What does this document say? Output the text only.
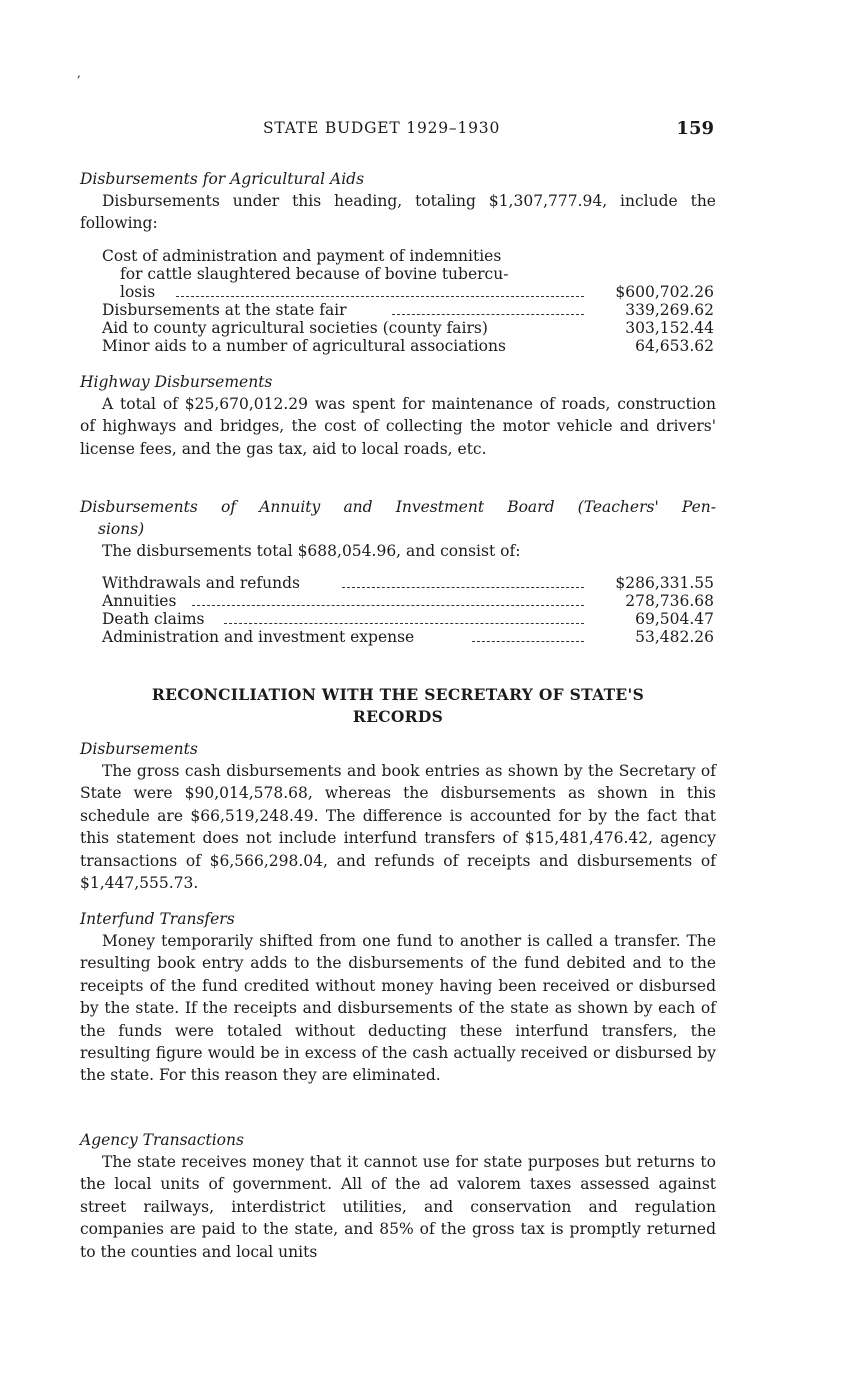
,
STATE BUDGET 1929–1930	159
Disbursements for Agricultural Aids

Disbursements under this heading, totaling $1,307,777.94, include the following:

Cost of administration and payment of indemnities
for cattle slaughtered because of bovine tubercu-
losis	$600,702.26
Disbursements at the state fair	339,269.62
Aid to county agricultural societies (county fairs)	303,152.44
Minor aids to a number of agricultural associations	64,653.62
Highway Disbursements

A total of $25,670,012.29 was spent for maintenance of roads, construction of highways and bridges, the cost of collecting the motor vehicle and drivers' license fees, and the gas tax, aid to local roads, etc.

Disbursements of Annuity and Investment Board (Teachers' Pen-
sions)

The disbursements total $688,054.96, and consist of:

Withdrawals and refunds	$286,331.55
Annuities	278,736.68
Death claims	69,504.47
Administration and investment expense	53,482.26
RECONCILIATION WITH THE SECRETARY OF STATE'S
RECORDS
Disbursements

The gross cash disbursements and book entries as shown by the Secretary of State were $90,014,578.68, whereas the disbursements as shown in this schedule are $66,519,248.49. The difference is accounted for by the fact that this statement does not include interfund transfers of $15,481,476.42, agency transactions of $6,566,298.04, and refunds of receipts and disbursements of $1,447,555.73.

Interfund Transfers

Money temporarily shifted from one fund to another is called a transfer. The resulting book entry adds to the disbursements of the fund debited and to the receipts of the fund credited without money having been received or disbursed by the state. If the receipts and disbursements of the state as shown by each of the funds were totaled without deducting these interfund transfers, the resulting figure would be in excess of the cash actually received or disbursed by the state. For this reason they are eliminated.

Agency Transactions

The state receives money that it cannot use for state purposes but returns to the local units of government. All of the ad valorem taxes assessed against street railways, interdistrict utilities, and conservation and regulation companies are paid to the state, and 85% of the gross tax is promptly returned to the counties and local units
